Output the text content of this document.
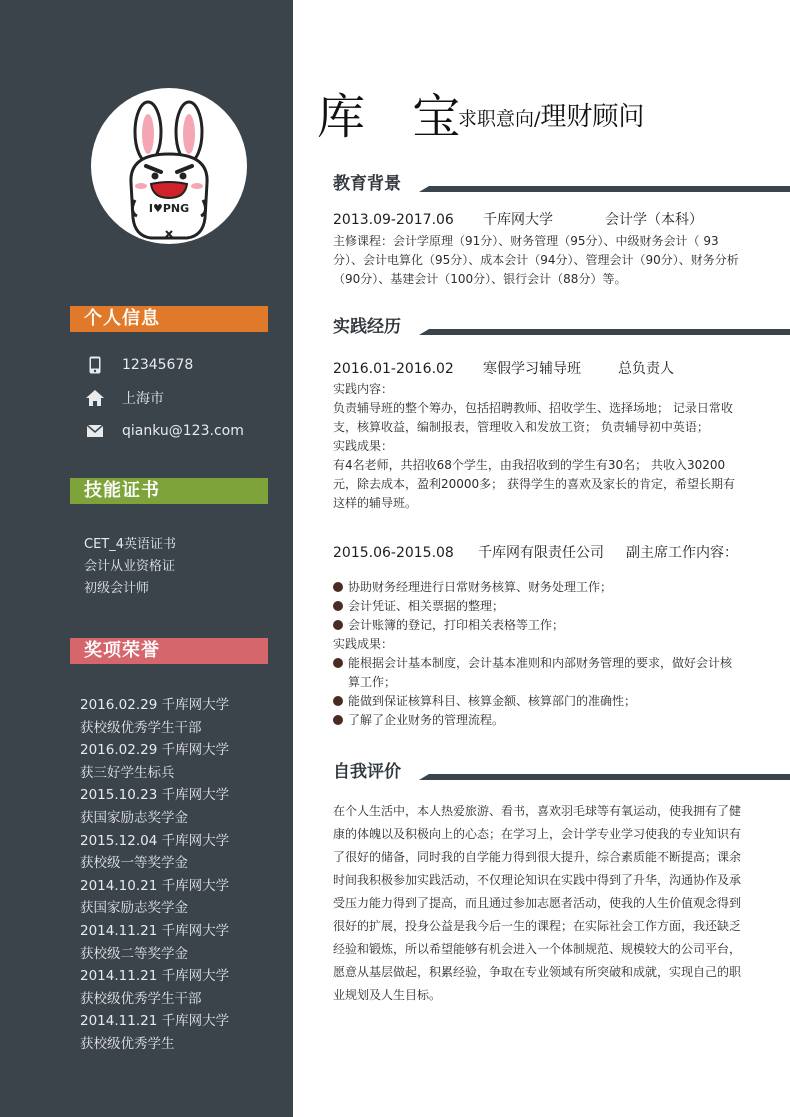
I♥PNG
个人信息
12345678
上海市
qianku@123.com
技能证书
CET_4英语证书
会计从业资格证
初级会计师
奖项荣誉
2016.02.29 千库网大学
获校级优秀学生干部
2016.02.29 千库网大学
获三好学生标兵
2015.10.23 千库网大学
获国家励志奖学金
2015.12.04 千库网大学
获校级一等奖学金
2014.10.21 千库网大学
获国家励志奖学金
2014.11.21 千库网大学
获校级二等奖学金
2014.11.21 千库网大学
获校级优秀学生干部
2014.11.21 千库网大学
获校级优秀学生
库 宝
求职意向/理财顾问
教育背景
2013.09-2017.06 千库网大学	会计学（本科）
主修课程：会计学原理（91分）、财务管理（95分）、中级财务会计（ 93分）、会计电算化（95分）、成本会计（94分）、管理会计（90分）、财务分析（90分）、基建会计（100分）、银行会计（88分）等。
实践经历
2016.01-2016.02 寒假学习辅导班	总负责人

实践内容：

负责辅导班的整个筹办，包括招聘教师、招收学生、选择场地； 记录日常收支，核算收益，编制报表，管理收入和发放工资； 负责辅导初中英语；

实践成果：

有4名老师，共招收68个学生，由我招收到的学生有30名； 共收入30200元，除去成本，盈利20000多； 获得学生的喜欢及家长的肯定，希望长期有这样的辅导班。

2015.06-2015.08 千库网有限责任公司 副主席工作内容：
协助财务经理进行日常财务核算、财务处理工作；
会计凭证、相关票据的整理；
会计账簿的登记，打印相关表格等工作；

实践成果：

能根据会计基本制度，会计基本准则和内部财务管理的要求，做好会计核算工作；
能做到保证核算科目、核算金额、核算部门的准确性；
了解了企业财务的管理流程。
自我评价
在个人生活中，本人热爱旅游、看书，喜欢羽毛球等有氧运动，使我拥有了健康的体魄以及积极向上的心态；在学习上，会计学专业学习使我的专业知识有了很好的储备，同时我的自学能力得到很大提升，综合素质能不断提高；课余时间我积极参加实践活动，不仅理论知识在实践中得到了升华，沟通协作及承受压力能力得到了提高，而且通过参加志愿者活动，使我的人生价值观念得到很好的扩展，投身公益是我今后一生的课程；在实际社会工作方面，我还缺乏经验和锻炼，所以希望能够有机会进入一个体制规范、规模较大的公司平台，愿意从基层做起，积累经验，争取在专业领域有所突破和成就，实现自己的职业规划及人生目标。
